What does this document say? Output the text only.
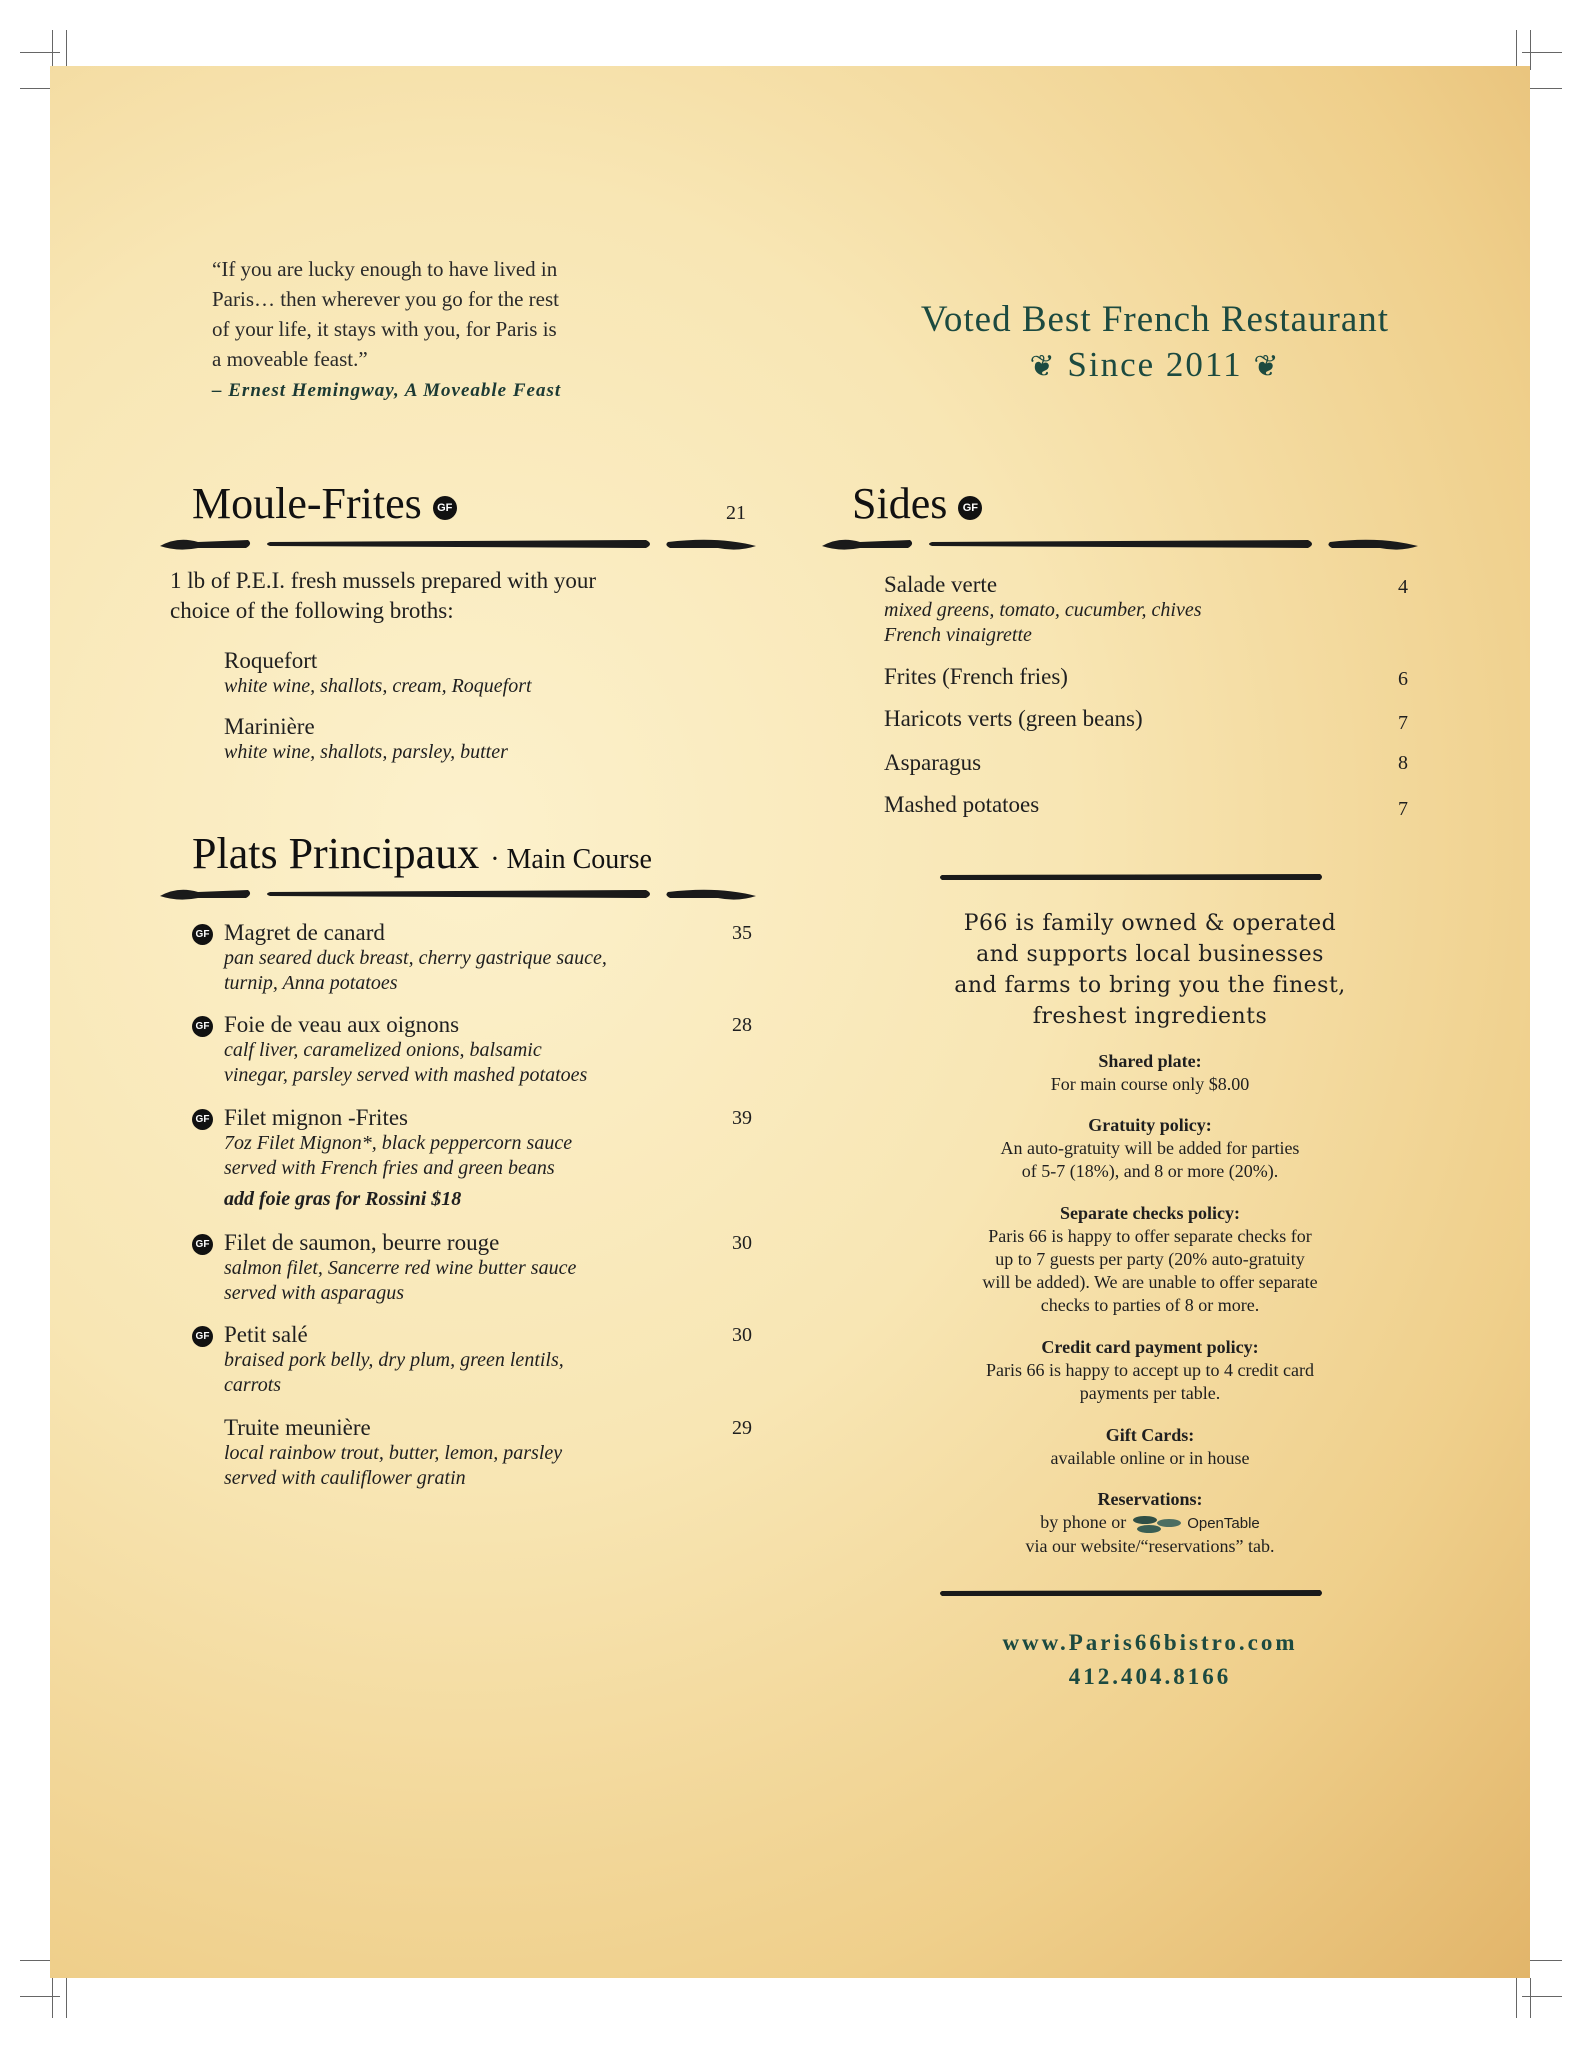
“If you are lucky enough to have lived in
Paris… then wherever you go for the rest
of your life, it stays with you, for Paris is
a moveable feast.”
– Ernest Hemingway, A Moveable Feast
Voted Best French Restaurant
❦ Since 2011 ❦
Moule-Frites GF	21
1 lb of P.E.I. fresh mussels prepared with your
choice of the following broths:
Roquefort
white wine, shallots, cream, Roquefort
Marinière
white wine, shallots, parsley, butter
Plats Principaux · Main Course
GF Magret de canard
pan seared duck breast, cherry gastrique sauce,
turnip, Anna potatoes
35
GF Foie de veau aux oignons
calf liver, caramelized onions, balsamic
vinegar, parsley served with mashed potatoes
28
GF Filet mignon -Frites
7oz Filet Mignon*, black peppercorn sauce
served with French fries and green beans
add foie gras for Rossini $18
39
GF Filet de saumon, beurre rouge
salmon filet, Sancerre red wine butter sauce
served with asparagus
30
GF Petit salé
braised pork belly, dry plum, green lentils,
carrots
30
Truite meunière
local rainbow trout, butter, lemon, parsley
served with cauliflower gratin
29
Sides GF
Salade verte
mixed greens, tomato, cucumber, chives
French vinaigrette
4
Frites (French fries)	6
Haricots verts (green beans)	7
Asparagus	8
Mashed potatoes	7
P66 is family owned & operated
and supports local businesses
and farms to bring you the finest,
freshest ingredients
Shared plate:
For main course only $8.00
Gratuity policy:
An auto-gratuity will be added for parties
of 5-7 (18%), and 8 or more (20%).
Separate checks policy:
Paris 66 is happy to offer separate checks for
up to 7 guests per party (20% auto-gratuity
will be added). We are unable to offer separate
checks to parties of 8 or more.
Credit card payment policy:
Paris 66 is happy to accept up to 4 credit card
payments per table.
Gift Cards:
available online or in house
Reservations:
by phone or	OpenTable
via our website/“reservations” tab.
www.Paris66bistro.com
412.404.8166
